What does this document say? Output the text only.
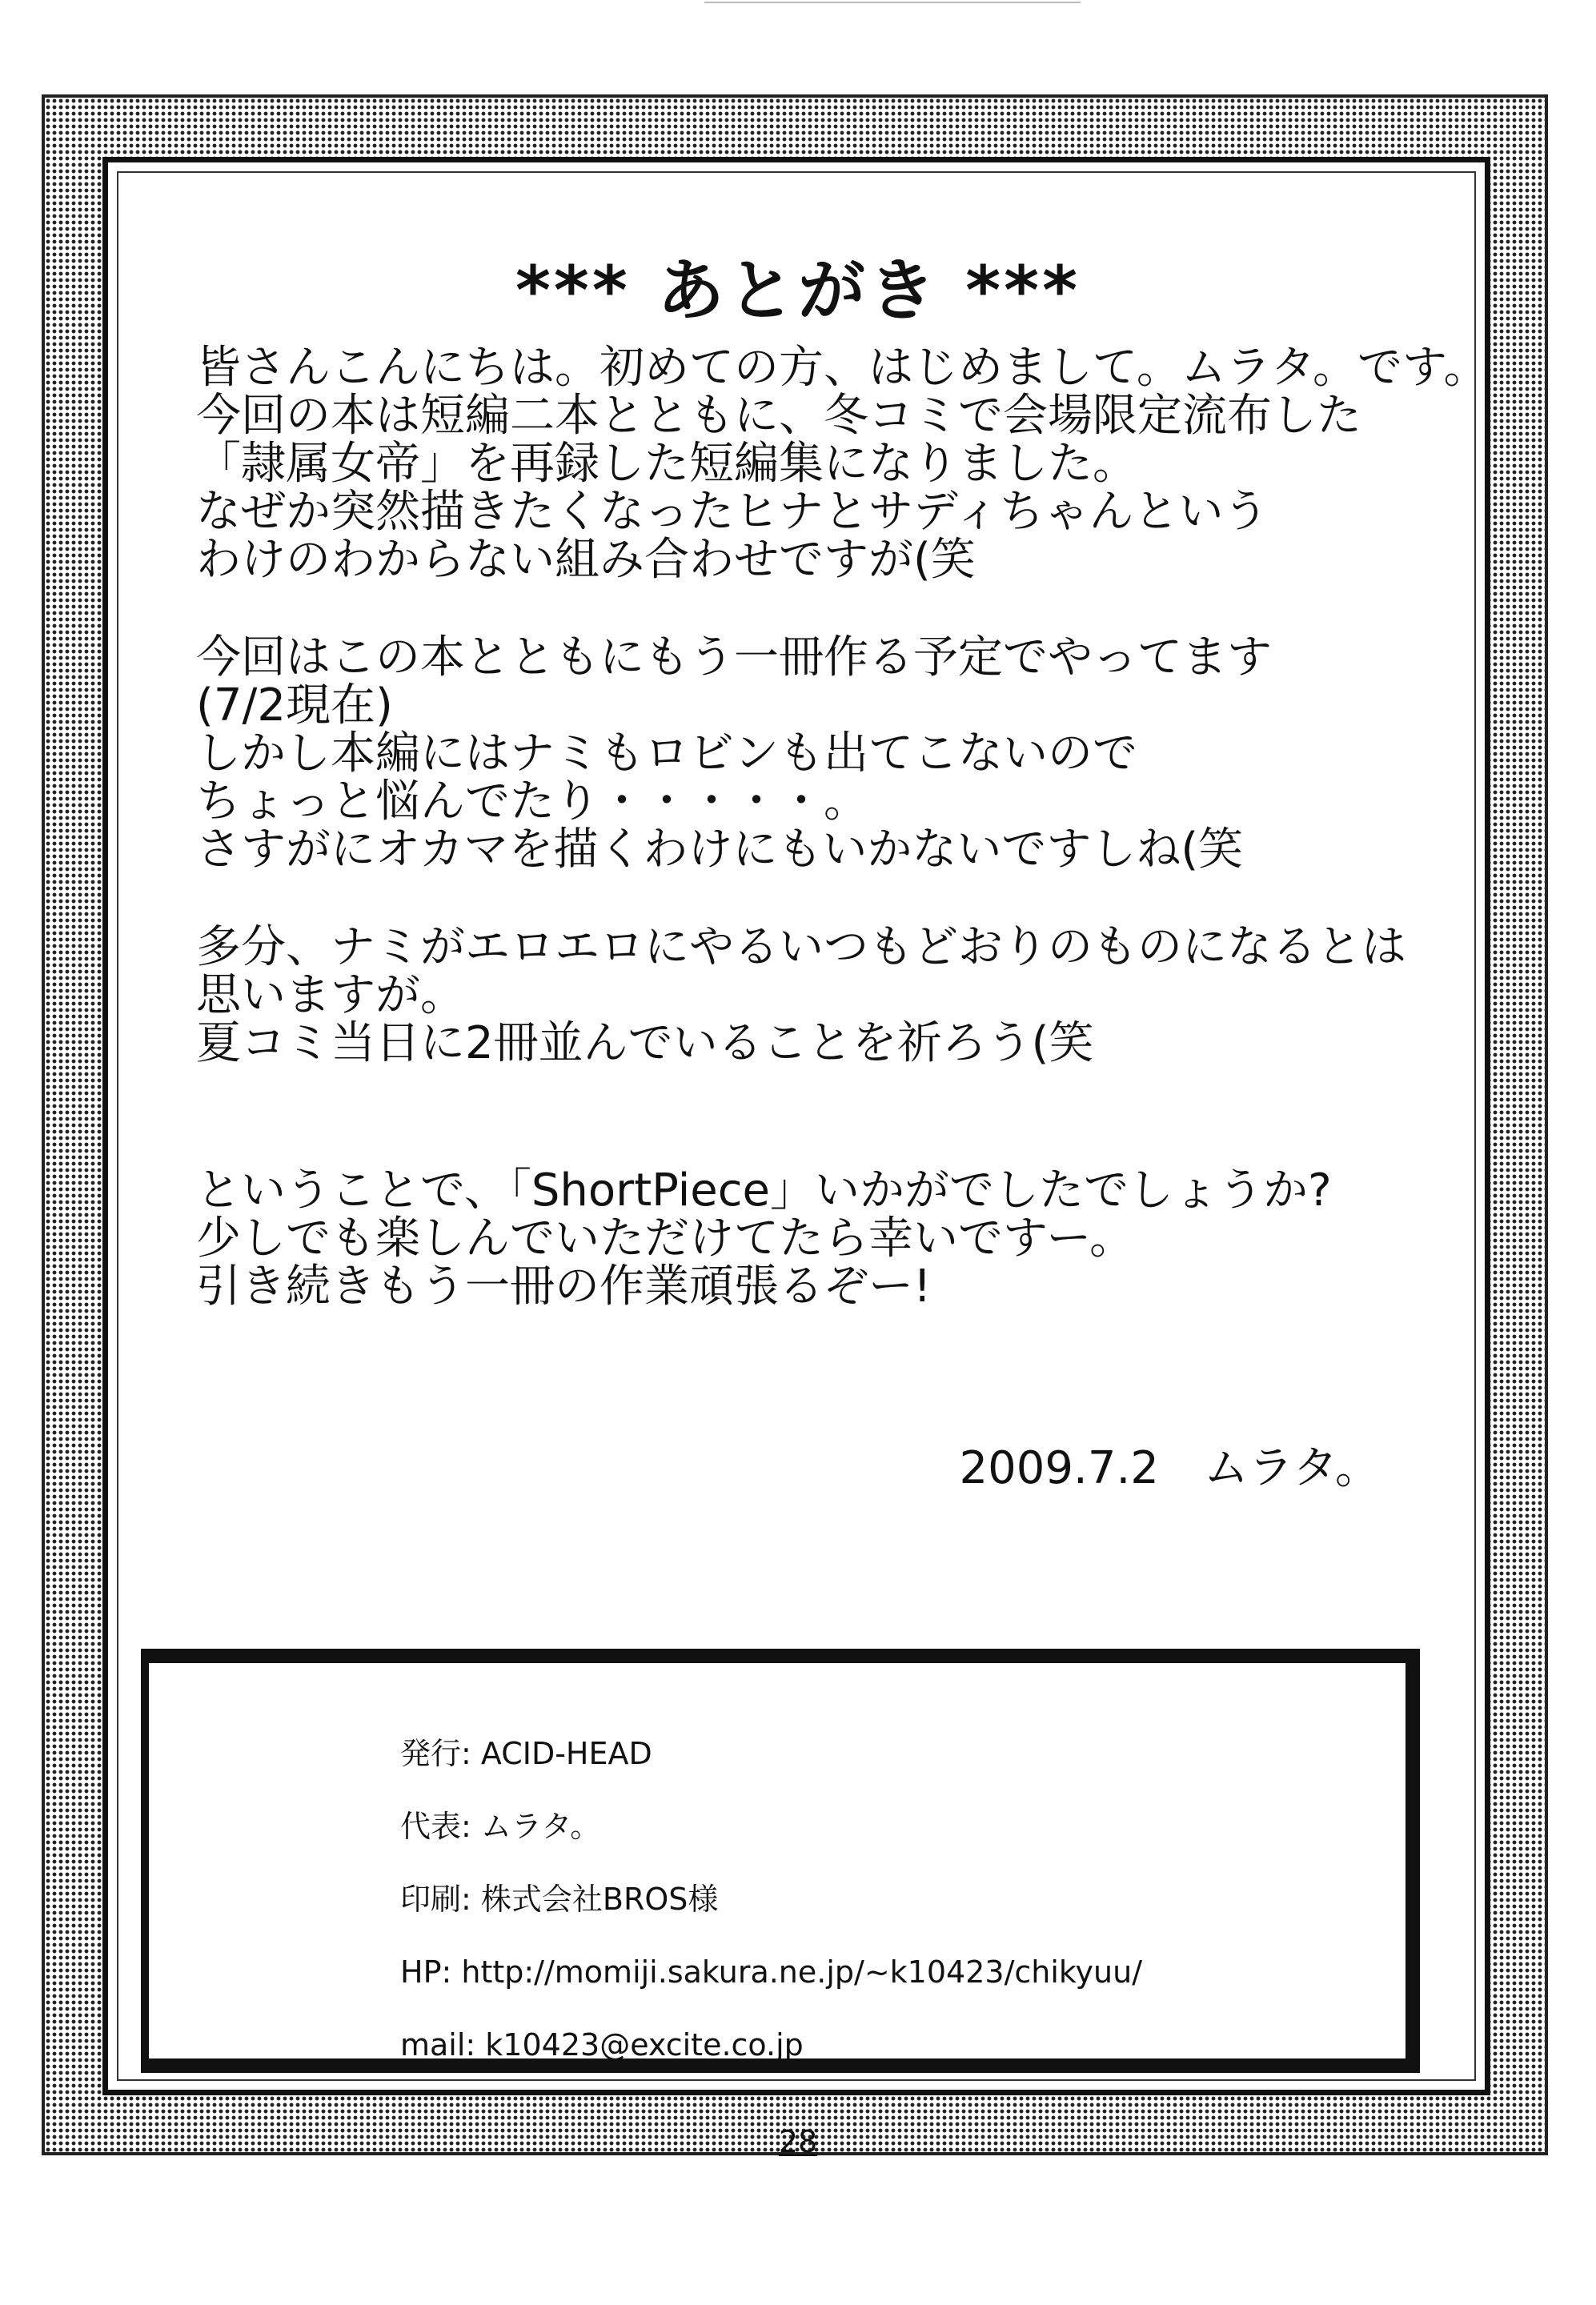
*** あとがき ***
皆さんこんにちは。初めての方、はじめまして。ムラタ。です。
今回の本は短編二本とともに、冬コミで会場限定流布した
「隷属女帝」を再録した短編集になりました。
なぜか突然描きたくなったヒナとサディちゃんという
わけのわからない組み合わせですが(笑
今回はこの本とともにもう一冊作る予定でやってます
(7/2現在)
しかし本編にはナミもロビンも出てこないので
ちょっと悩んでたり・・・・・。
さすがにオカマを描くわけにもいかないですしね(笑
多分、ナミがエロエロにやるいつもどおりのものになるとは
思いますが。
夏コミ当日に2冊並んでいることを祈ろう(笑
ということで、「ShortPiece」いかがでしたでしょうか?
少しでも楽しんでいただけてたら幸いですー。
引き続きもう一冊の作業頑張るぞー!
2009.7.2　ムラタ。
発行: ACID-HEAD
代表: ムラタ。
印刷: 株式会社BROS様
HP: http://momiji.sakura.ne.jp/~k10423/chikyuu/
mail: k10423@excite.co.jp
28
